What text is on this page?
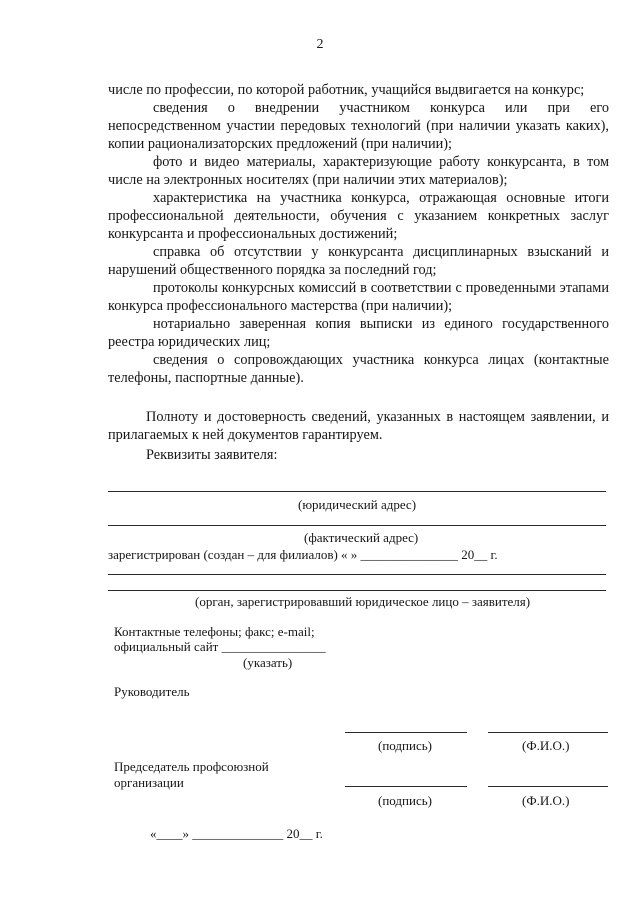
2

числе по профессии, по которой работник, учащийся выдвигается на конкурс;

сведения о внедрении участником конкурса или при его непосредственном участии передовых технологий (при наличии указать каких), копии рационализаторских предложений (при наличии);

фото и видео материалы, характеризующие работу конкурсанта, в том числе на электронных носителях (при наличии этих материалов);

характеристика на участника конкурса, отражающая основные итоги профессиональной деятельности, обучения с указанием конкретных заслуг конкурсанта и профессиональных достижений;

справка об отсутствии у конкурсанта дисциплинарных взысканий и нарушений общественного порядка за последний год;

протоколы конкурсных комиссий в соответствии с проведенными этапами конкурса профессионального мастерства (при наличии);

нотариально заверенная копия выписки из единого государственного реестра юридических лиц;

сведения о сопровождающих участника конкурса лицах (контактные телефоны, паспортные данные).

Полноту и достоверность сведений, указанных в настоящем заявлении, и прилагаемых к ней документов гарантируем.

Реквизиты заявителя:

(юридический адрес)
(фактический адрес)
зарегистрирован (создан – для филиалов) « » _______________ 20__ г.
(орган, зарегистрировавший юридическое лицо – заявителя)
Контактные телефоны; факс; e-mail;
официальный сайт ________________
(указать)
Руководитель
(подпись)	(Ф.И.О.)
Председатель профсоюзной
организации
(подпись)	(Ф.И.О.)
«____» ______________ 20__ г.
